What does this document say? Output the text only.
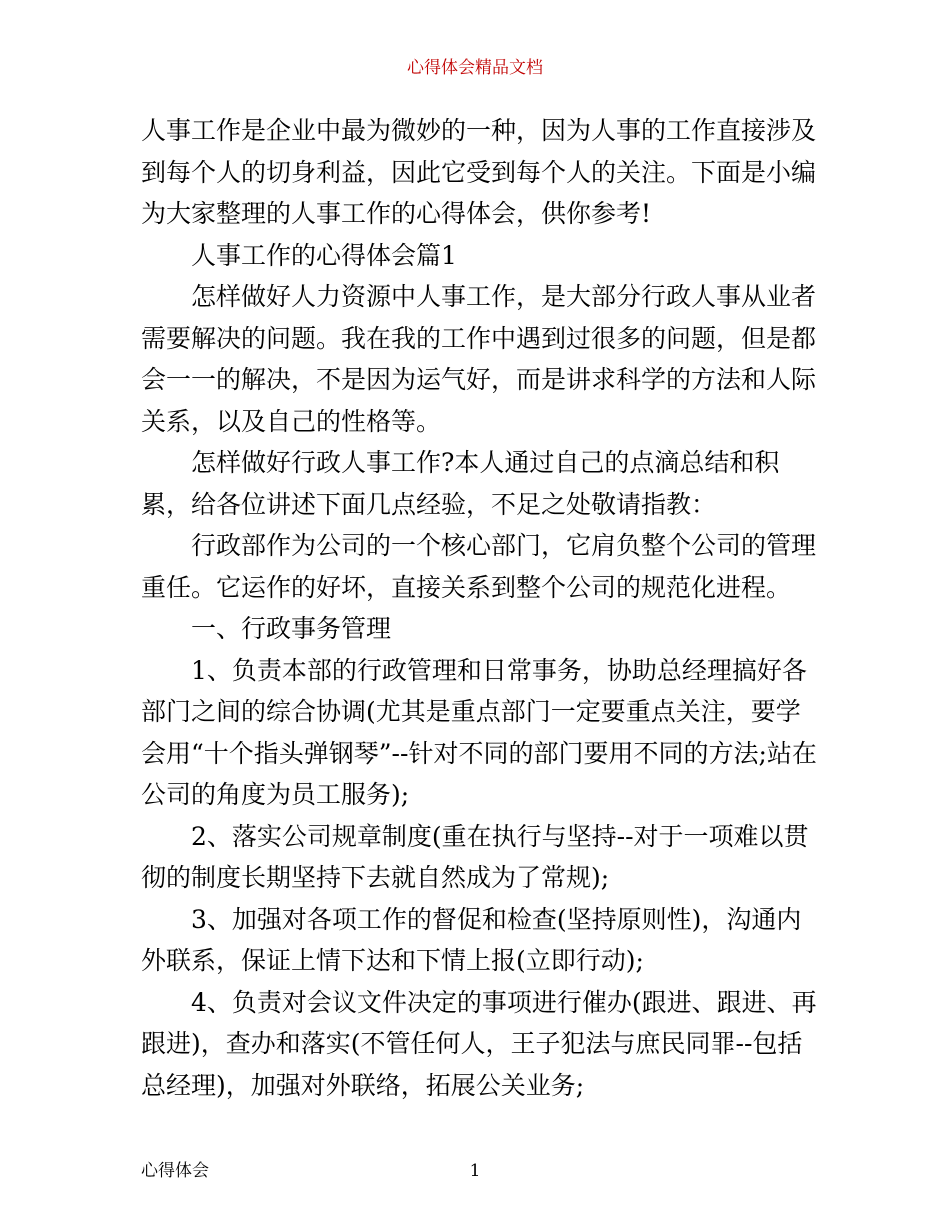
心得体会精品文档

人事工作是企业中最为微妙的一种，因为人事的工作直接涉及到每个人的切身利益，因此它受到每个人的关注。下面是小编为大家整理的人事工作的心得体会，供你参考!

人事工作的心得体会篇1

怎样做好人力资源中人事工作，是大部分行政人事从业者需要解决的问题。我在我的工作中遇到过很多的问题，但是都会一一的解决，不是因为运气好，而是讲求科学的方法和人际关系，以及自己的性格等。

怎样做好行政人事工作?本人通过自己的点滴总结和积累，给各位讲述下面几点经验，不足之处敬请指教：

行政部作为公司的一个核心部门，它肩负整个公司的管理重任。它运作的好坏，直接关系到整个公司的规范化进程。

一、行政事务管理

1、负责本部的行政管理和日常事务，协助总经理搞好各部门之间的综合协调(尤其是重点部门一定要重点关注，要学会用“十个指头弹钢琴”--针对不同的部门要用不同的方法;站在公司的角度为员工服务);

2、落实公司规章制度(重在执行与坚持--对于一项难以贯彻的制度长期坚持下去就自然成为了常规);

3、加强对各项工作的督促和检查(坚持原则性)，沟通内外联系，保证上情下达和下情上报(立即行动);

4、负责对会议文件决定的事项进行催办(跟进、跟进、再跟进)，查办和落实(不管任何人，王子犯法与庶民同罪--包括总经理)，加强对外联络，拓展公关业务;

心得体会	1
